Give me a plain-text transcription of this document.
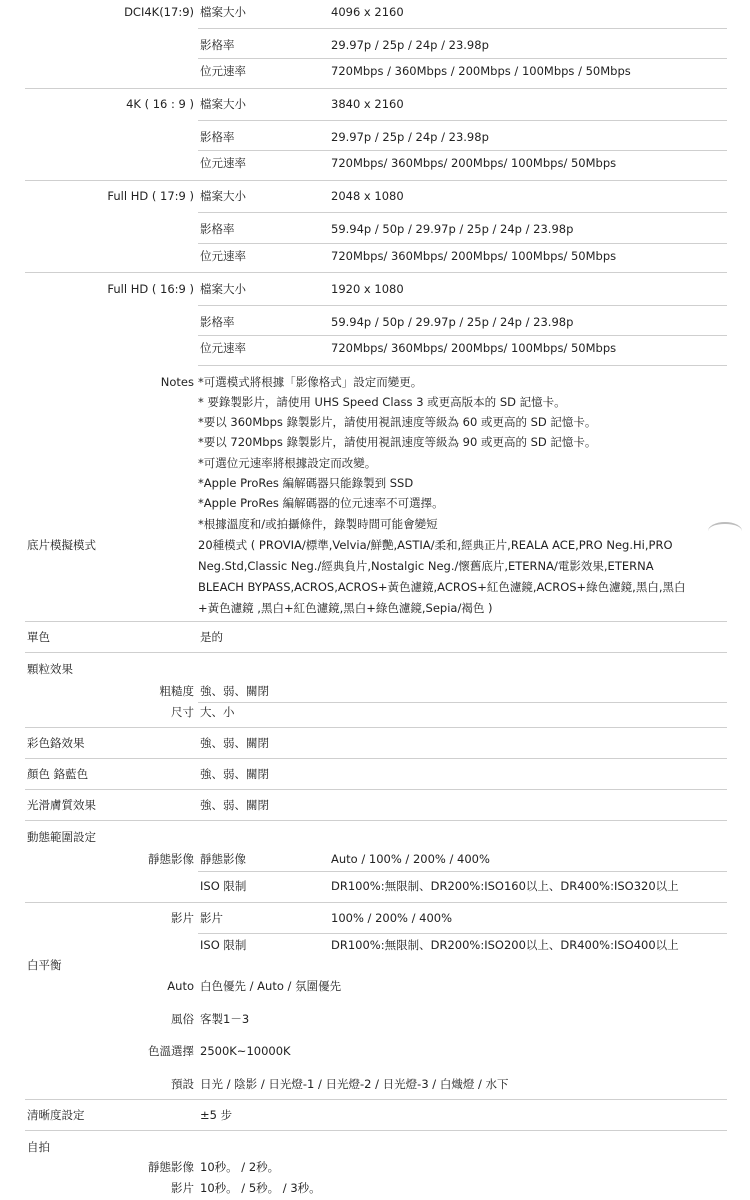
DCI4K(17:9) 檔案大小	4096 x 2160
影格率	29.97p / 25p / 24p / 23.98p
位元速率	720Mbps / 360Mbps / 200Mbps / 100Mbps / 50Mbps
4K ( 16 : 9 ) 檔案大小	3840 x 2160
影格率	29.97p / 25p / 24p / 23.98p
位元速率	720Mbps/ 360Mbps/ 200Mbps/ 100Mbps/ 50Mbps
Full HD ( 17:9 ) 檔案大小	2048 x 1080
影格率	59.94p / 50p / 29.97p / 25p / 24p / 23.98p
位元速率	720Mbps/ 360Mbps/ 200Mbps/ 100Mbps/ 50Mbps
Full HD ( 16:9 ) 檔案大小	1920 x 1080
影格率	59.94p / 50p / 29.97p / 25p / 24p / 23.98p
位元速率	720Mbps/ 360Mbps/ 200Mbps/ 100Mbps/ 50Mbps
Notes *可選模式將根據「影像格式」設定而變更。
* 要錄製影片，請使用 UHS Speed Class 3 或更高版本的 SD 記憶卡。
*要以 360Mbps 錄製影片，請使用視訊速度等級為 60 或更高的 SD 記憶卡。
*要以 720Mbps 錄製影片，請使用視訊速度等級為 90 或更高的 SD 記憶卡。
*可選位元速率將根據設定而改變。
*Apple ProRes 編解碼器只能錄製到 SSD
*Apple ProRes 編解碼器的位元速率不可選擇。
*根據溫度和/或拍攝條件，錄製時間可能會變短
底片模擬模式	20種模式 ( PROVIA/標準,Velvia/鮮艷,ASTIA/柔和,經典正片,REALA ACE,PRO Neg.Hi,PRO Neg.Std,Classic Neg./經典負片,Nostalgic Neg./懷舊底片,ETERNA/電影效果,ETERNA BLEACH BYPASS,ACROS,ACROS+黃色濾鏡,ACROS+紅色濾鏡,ACROS+綠色濾鏡,黑白,黑白+黃色濾鏡 ,黑白+紅色濾鏡,黑白+綠色濾鏡,Sepia/褐色 )
單色	是的
顆粒效果
粗糙度 強、弱、關閉
尺寸 大、小
彩色鉻效果	強、弱、關閉
顏色 鉻藍色	強、弱、關閉
光滑膚質效果	強、弱、關閉
動態範圍設定
靜態影像 靜態影像	Auto / 100% / 200% / 400%
ISO 限制	DR100%:無限制、DR200%:ISO160以上、DR400%:ISO320以上
影片 影片	100% / 200% / 400%
ISO 限制	DR100%:無限制、DR200%:ISO200以上、DR400%:ISO400以上
白平衡
Auto 白色優先 / Auto / 氛圍優先
風俗 客製1－3
色溫選擇 2500K~10000K
預設 日光 / 陰影 / 日光燈-1 / 日光燈-2 / 日光燈-3 / 白熾燈 / 水下
清晰度設定	±5 步
自拍
靜態影像 10秒。 / 2秒。
影片 10秒。 / 5秒。 / 3秒。
